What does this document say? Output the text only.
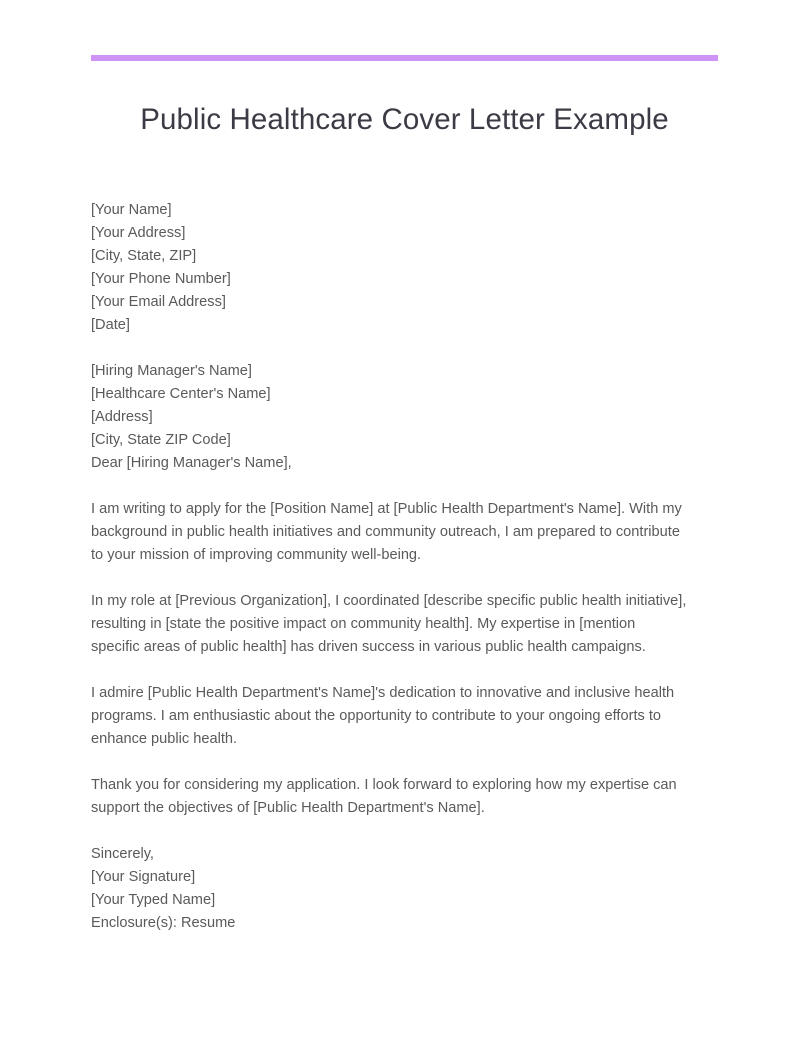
Public Healthcare Cover Letter Example
[Your Name]
[Your Address]
[City, State, ZIP]
[Your Phone Number]
[Your Email Address]
[Date]
[Hiring Manager's Name]
[Healthcare Center's Name]
[Address]
[City, State ZIP Code]
Dear [Hiring Manager's Name],

I am writing to apply for the [Position Name] at [Public Health Department's Name]. With my background in public health initiatives and community outreach, I am prepared to contribute to your mission of improving community well-being.

In my role at [Previous Organization], I coordinated [describe specific public health initiative], resulting in [state the positive impact on community health]. My expertise in [mention specific areas of public health] has driven success in various public health campaigns.

I admire [Public Health Department's Name]'s dedication to innovative and inclusive health programs. I am enthusiastic about the opportunity to contribute to your ongoing efforts to enhance public health.

Thank you for considering my application. I look forward to exploring how my expertise can support the objectives of [Public Health Department's Name].

Sincerely,
[Your Signature]
[Your Typed Name]
Enclosure(s): Resume
